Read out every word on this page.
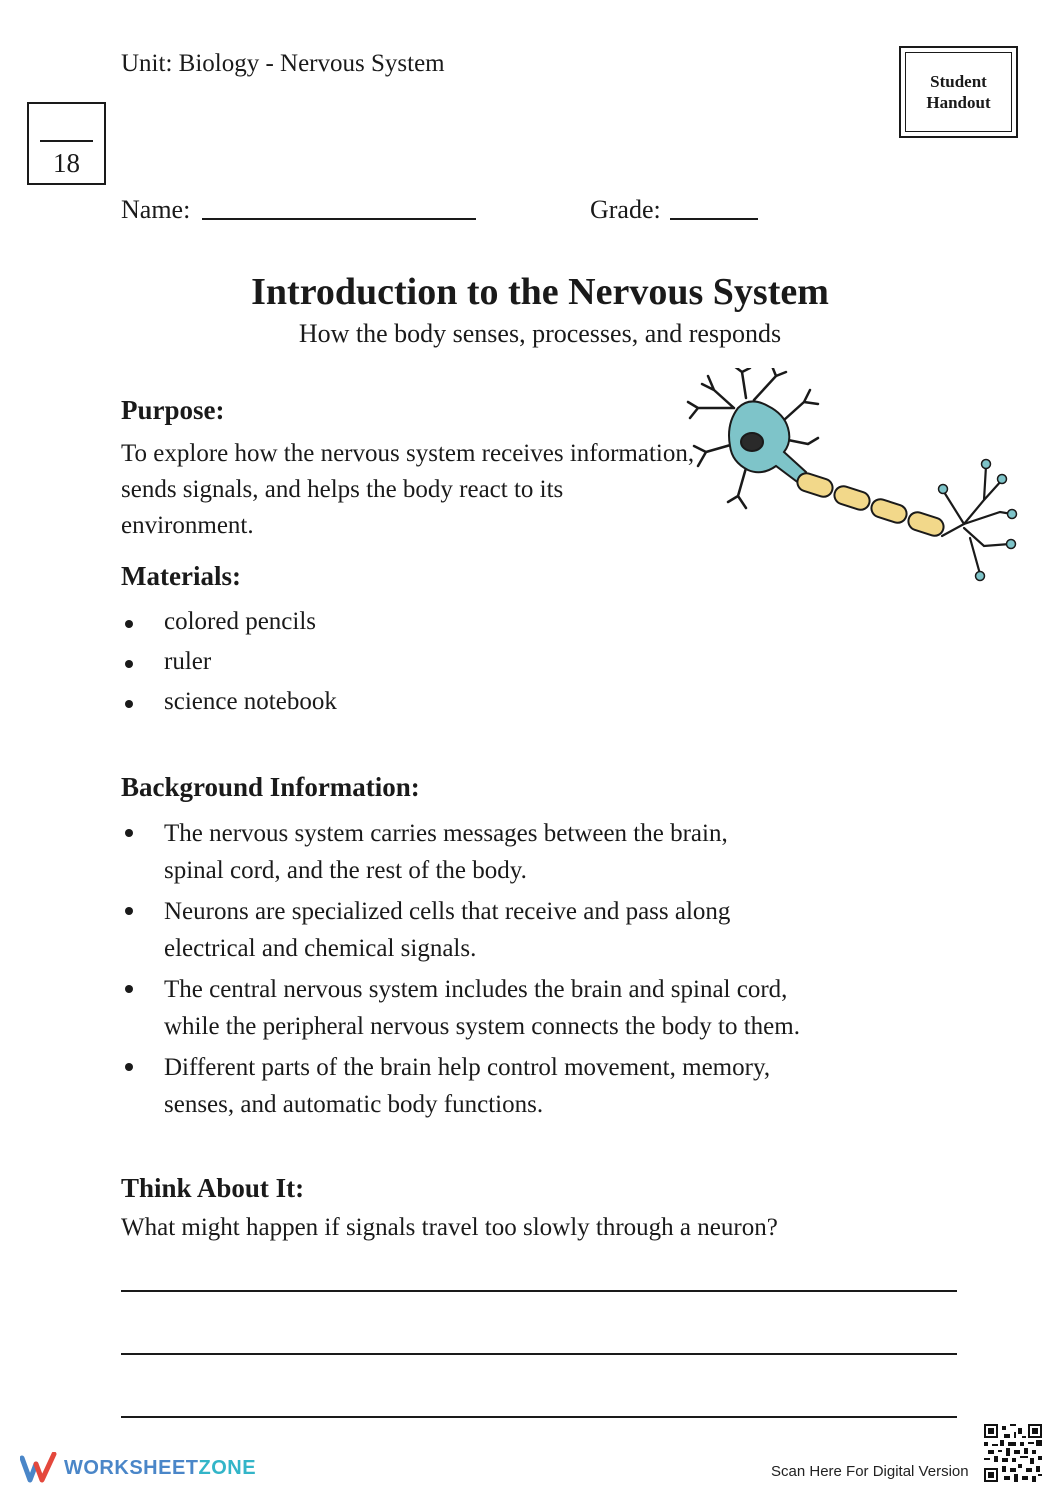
Unit: Biology - Nervous System
18
Student
Handout
Name:	Grade:
Introduction to the Nervous System
How the body senses, processes, and responds
Purpose:
To explore how the nervous system receives information,
sends signals, and helps the body react to its environment.
Materials:
colored pencils
ruler
science notebook
Background Information:
The nervous system carries messages between the brain,
spinal cord, and the rest of the body.
Neurons are specialized cells that receive and pass along
electrical and chemical signals.
The central nervous system includes the brain and spinal cord,
while the peripheral nervous system connects the body to them.
Different parts of the brain help control movement, memory,
senses, and automatic body functions.
Think About It:
What might happen if signals travel too slowly through a neuron?
WORKSHEETZONE	Scan Here For Digital Version
